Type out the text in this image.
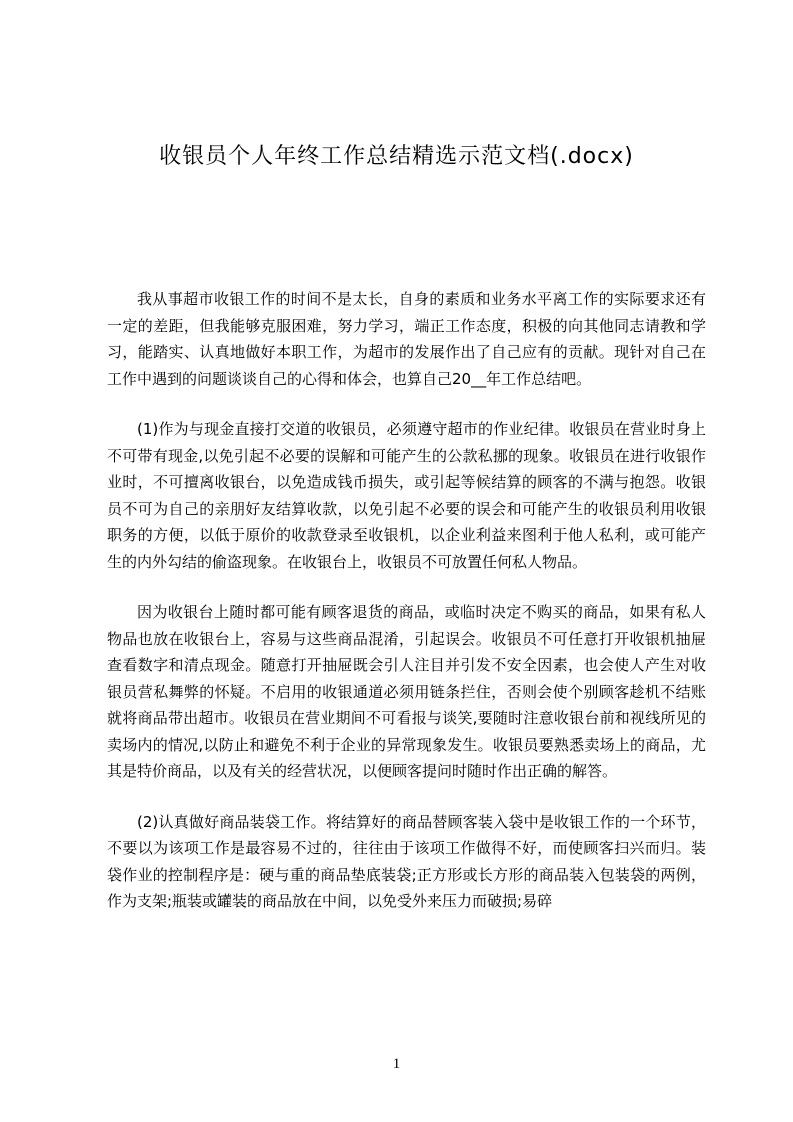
收银员个人年终工作总结精选示范文档(.docx)

我从事超市收银工作的时间不是太长，自身的素质和业务水平离工作的实际要求还有一定的差距，但我能够克服困难，努力学习，端正工作态度，积极的向其他同志请教和学习，能踏实、认真地做好本职工作，为超市的发展作出了自己应有的贡献。现针对自己在工作中遇到的问题谈谈自己的心得和体会，也算自己20__年工作总结吧。

(1)作为与现金直接打交道的收银员，必须遵守超市的作业纪律。收银员在营业时身上不可带有现金,以免引起不必要的误解和可能产生的公款私挪的现象。收银员在进行收银作业时，不可擅离收银台，以免造成钱币损失，或引起等候结算的顾客的不满与抱怨。收银员不可为自己的亲朋好友结算收款，以免引起不必要的误会和可能产生的收银员利用收银职务的方便，以低于原价的收款登录至收银机，以企业利益来图利于他人私利，或可能产生的内外勾结的偷盗现象。在收银台上，收银员不可放置任何私人物品。

因为收银台上随时都可能有顾客退货的商品，或临时决定不购买的商品，如果有私人物品也放在收银台上，容易与这些商品混淆，引起误会。收银员不可任意打开收银机抽屉查看数字和清点现金。随意打开抽屉既会引人注目并引发不安全因素，也会使人产生对收银员营私舞弊的怀疑。不启用的收银通道必须用链条拦住，否则会使个别顾客趁机不结账就将商品带出超市。收银员在营业期间不可看报与谈笑,要随时注意收银台前和视线所见的卖场内的情况,以防止和避免不利于企业的异常现象发生。收银员要熟悉卖场上的商品，尤其是特价商品，以及有关的经营状况，以便顾客提问时随时作出正确的解答。

(2)认真做好商品装袋工作。将结算好的商品替顾客装入袋中是收银工作的一个环节，不要以为该项工作是最容易不过的，往往由于该项工作做得不好，而使顾客扫兴而归。装袋作业的控制程序是：硬与重的商品垫底装袋;正方形或长方形的商品装入包装袋的两例，作为支架;瓶装或罐装的商品放在中间，以免受外来压力而破损;易碎

1
